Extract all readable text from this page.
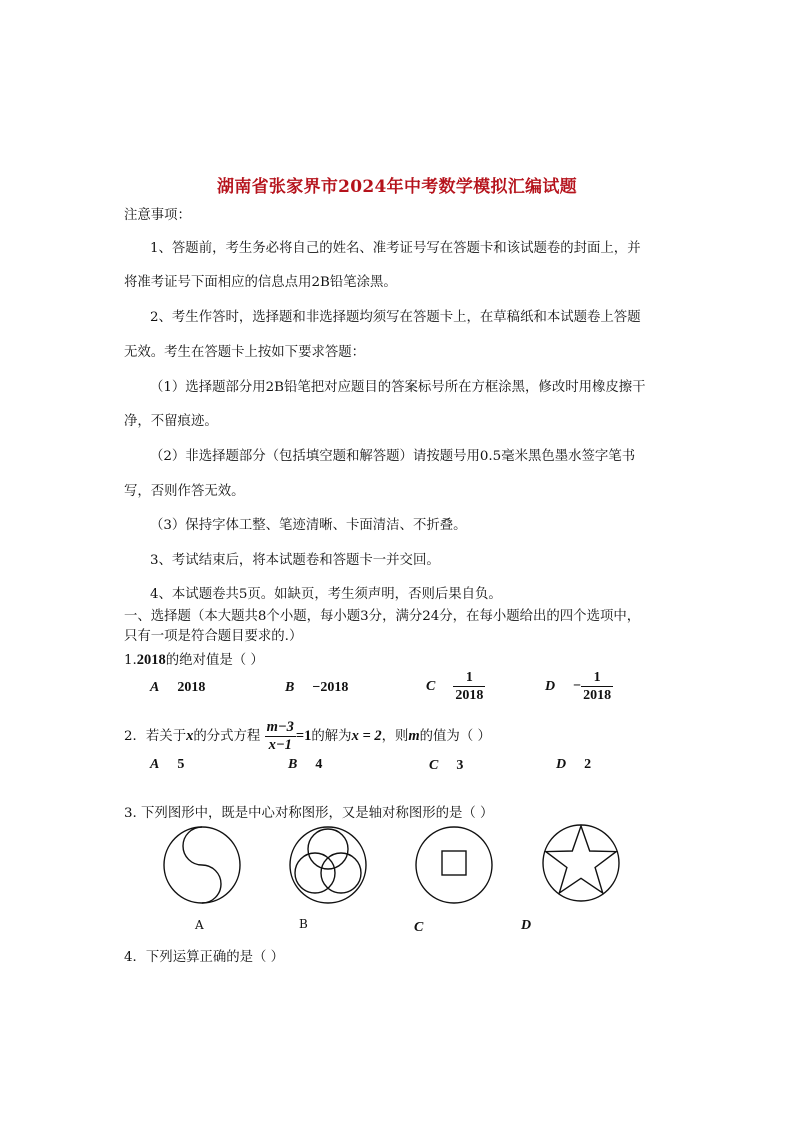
湖南省张家界市2024年中考数学模拟汇编试题
注意事项：
1、答题前，考生务必将自己的姓名、准考证号写在答题卡和该试题卷的封面上，并
将准考证号下面相应的信息点用2B铅笔涂黑。
2、考生作答时，选择题和非选择题均须写在答题卡上，在草稿纸和本试题卷上答题
无效。考生在答题卡上按如下要求答题：
（1）选择题部分用2B铅笔把对应题目的答案标号所在方框涂黑，修改时用橡皮擦干
净，不留痕迹。
（2）非选择题部分（包括填空题和解答题）请按题号用0.5毫米黑色墨水签字笔书
写，否则作答无效。
（3）保持字体工整、笔迹清晰、卡面清洁、不折叠。
3、考试结束后，将本试题卷和答题卡一并交回。
4、本试题卷共5页。如缺页，考生须声明，否则后果自负。
一、选择题（本大题共8个小题，每小题3分，满分24分，在每小题给出的四个选项中，
只有一项是符合题目要求的.）
1.2018的绝对值是（ ）
A 2018	B −2018	C $\frac{1}{2018}$	$D - \frac{1}{2018}$
2．若关于x的分式方程 $\frac{m-3}{x-1} =1$的解为x = 2，则m的值为（ ）
A 5	B 4	C 3	D 2
3. 下列图形中，既是中心对称图形，又是轴对称图形的是（ ）
A	B	C	D
4．下列运算正确的是（ ）
